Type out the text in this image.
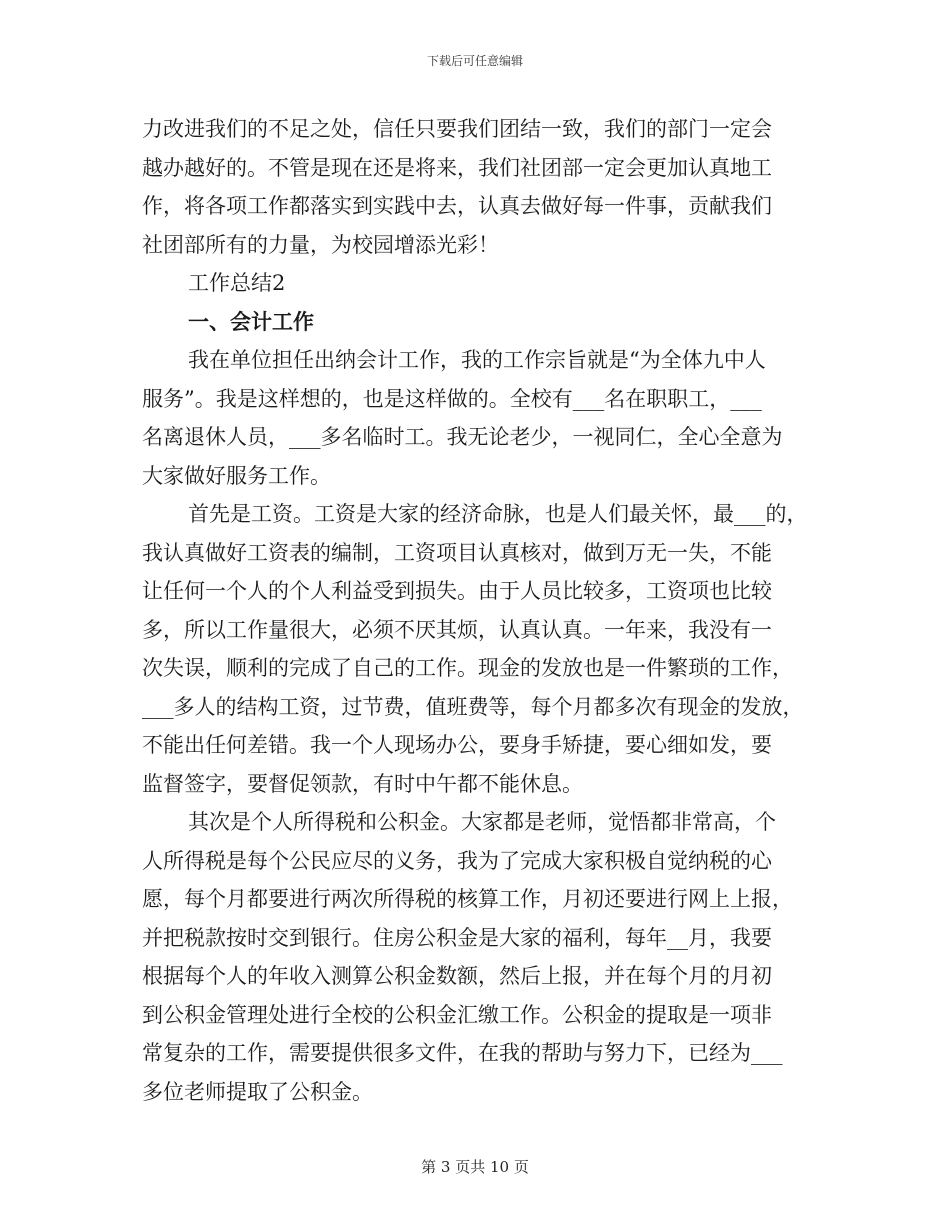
下载后可任意编辑
力改进我们的不足之处，信任只要我们团结一致，我们的部门一定会
越办越好的。不管是现在还是将来，我们社团部一定会更加认真地工
作，将各项工作都落实到实践中去，认真去做好每一件事，贡献我们
社团部所有的力量，为校园增添光彩！
工作总结2
一、会计工作
我在单位担任出纳会计工作，我的工作宗旨就是“为全体九中人
服务”。我是这样想的，也是这样做的。全校有___名在职职工，___
名离退休人员，___多名临时工。我无论老少，一视同仁，全心全意为
大家做好服务工作。
首先是工资。工资是大家的经济命脉，也是人们最关怀，最___的，
我认真做好工资表的编制，工资项目认真核对，做到万无一失，不能
让任何一个人的个人利益受到损失。由于人员比较多，工资项也比较
多，所以工作量很大，必须不厌其烦，认真认真。一年来，我没有一
次失误，顺利的完成了自己的工作。现金的发放也是一件繁琐的工作，
___多人的结构工资，过节费，值班费等，每个月都多次有现金的发放，
不能出任何差错。我一个人现场办公，要身手矫捷，要心细如发，要
监督签字，要督促领款，有时中午都不能休息。
其次是个人所得税和公积金。大家都是老师，觉悟都非常高，个
人所得税是每个公民应尽的义务，我为了完成大家积极自觉纳税的心
愿，每个月都要进行两次所得税的核算工作，月初还要进行网上上报，
并把税款按时交到银行。住房公积金是大家的福利，每年__月，我要
根据每个人的年收入测算公积金数额，然后上报，并在每个月的月初
到公积金管理处进行全校的公积金汇缴工作。公积金的提取是一项非
常复杂的工作，需要提供很多文件，在我的帮助与努力下，已经为___
多位老师提取了公积金。
第 3 页共 10 页
